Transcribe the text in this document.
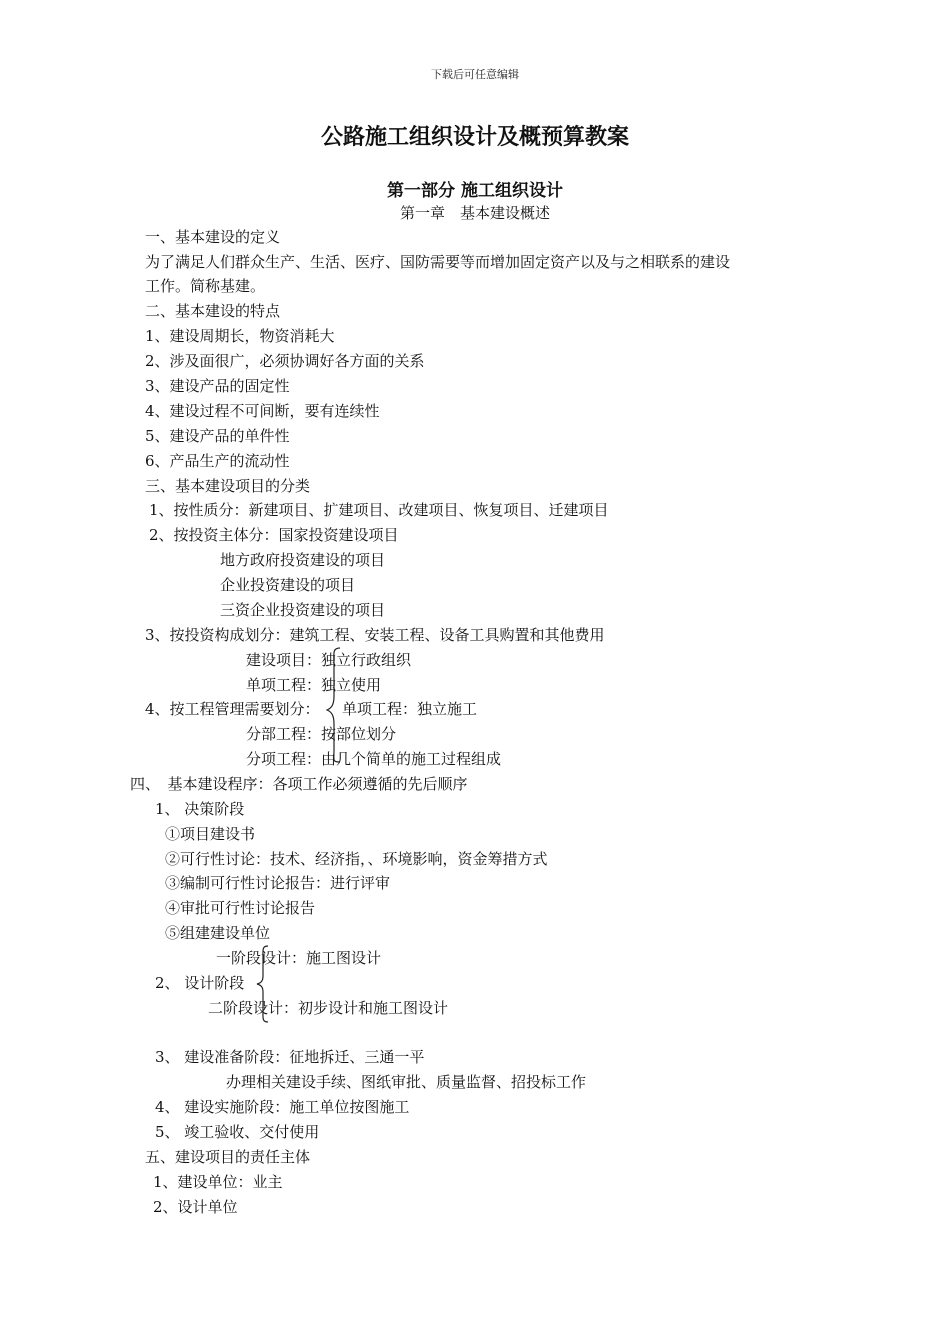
下载后可任意编辑
公路施工组织设计及概预算教案
第一部分 施工组织设计
第一章　基本建设概述
一、基本建设的定义
为了满足人们群众生产、生活、医疗、国防需要等而增加固定资产以及与之相联系的建设
工作。简称基建。
二、基本建设的特点
1、建设周期长，物资消耗大
2、涉及面很广，必须协调好各方面的关系
3、建设产品的固定性
4、建设过程不可间断，要有连续性
5、建设产品的单件性
6、产品生产的流动性
三、基本建设项目的分类
1、按性质分：新建项目、扩建项目、改建项目、恢复项目、迁建项目
2、按投资主体分：国家投资建设项目
地方政府投资建设的项目
企业投资建设的项目
三资企业投资建设的项目
3、按投资构成划分：建筑工程、安装工程、设备工具购置和其他费用
建设项目：独立行政组织
单项工程：独立使用
4、按工程管理需要划分： 单项工程：独立施工
分部工程：按部位划分
分项工程：由几个简单的施工过程组成
四、　基本建设程序：各项工作必须遵循的先后顺序
1、 决策阶段
①项目建设书
②可行性讨论：技术、经济指，、环境影响，资金筹措方式
③编制可行性讨论报告：进行评审
④审批可行性讨论报告
⑤组建建设单位
一阶段设计：施工图设计
2、 设计阶段
二阶段设计：初步设计和施工图设计
3、 建设准备阶段：征地拆迁、三通一平
办理相关建设手续、图纸审批、质量监督、招投标工作
4、 建设实施阶段：施工单位按图施工
5、 竣工验收、交付使用
五、建设项目的责任主体
1、建设单位：业主
2、设计单位
